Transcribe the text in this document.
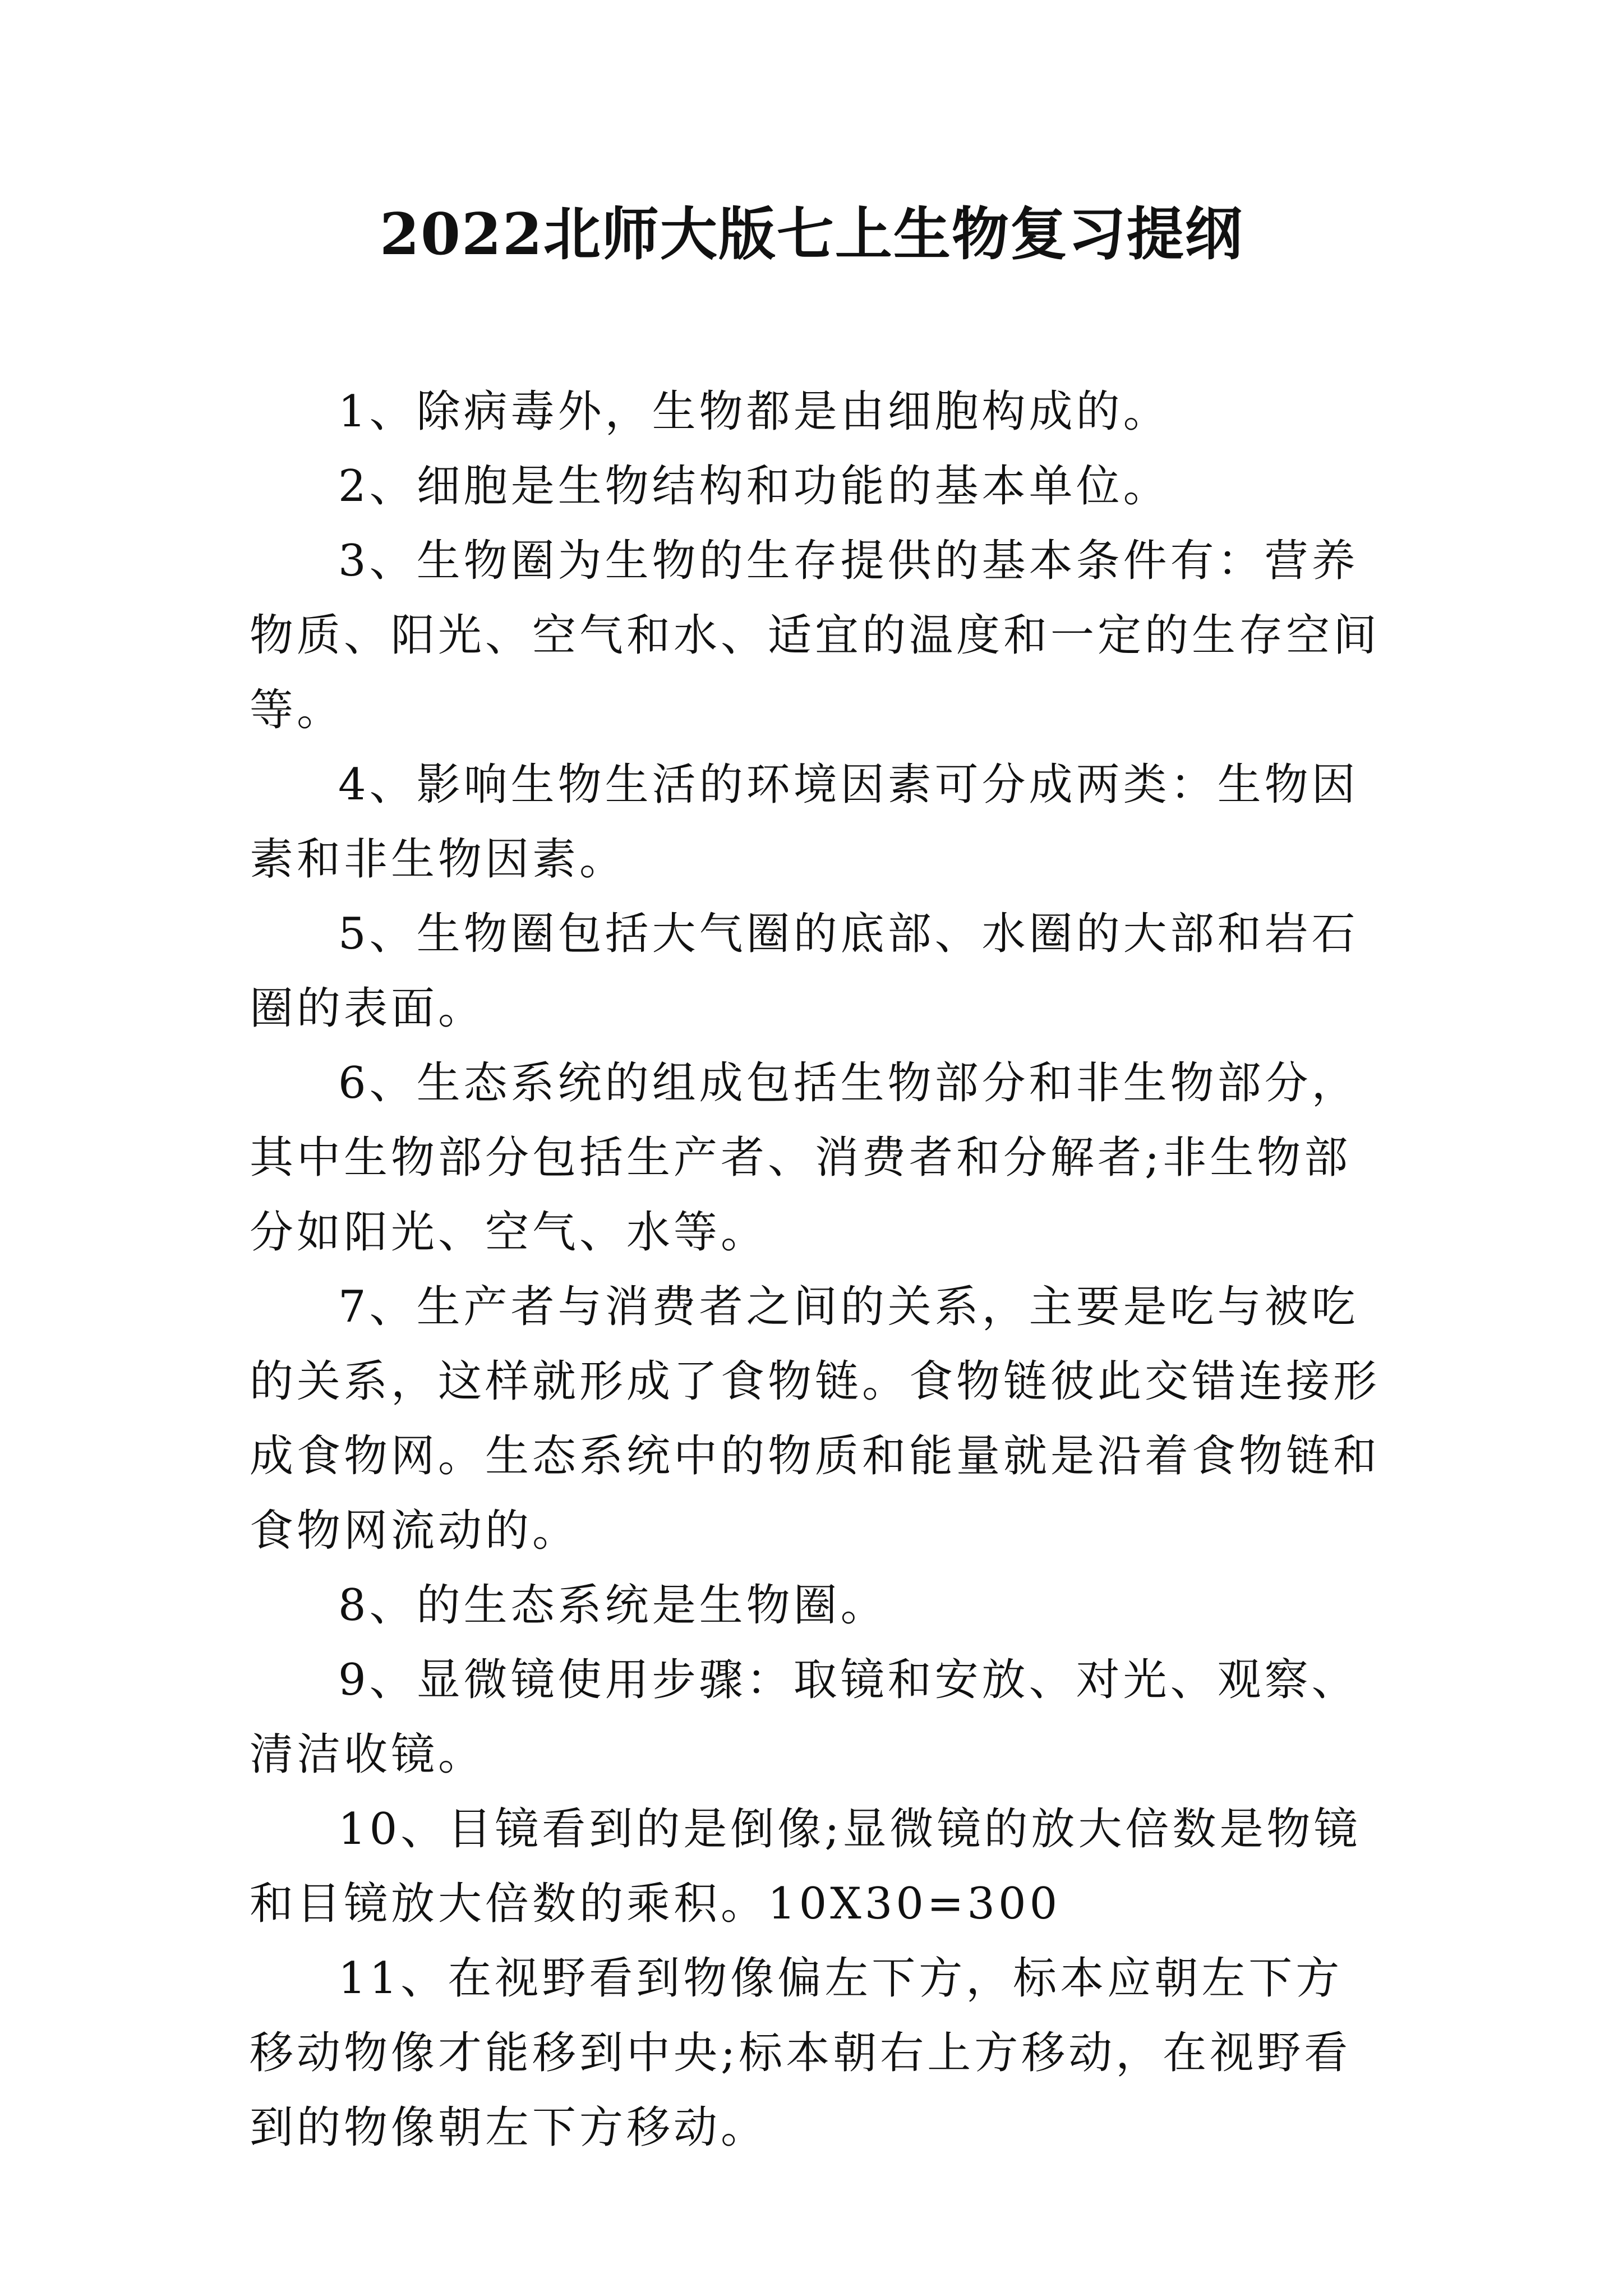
2022北师大版七上生物复习提纲

1、除病毒外，生物都是由细胞构成的。

2、细胞是生物结构和功能的基本单位。

3、生物圈为生物的生存提供的基本条件有：营养物质、阳光、空气和水、适宜的温度和一定的生存空间等。

4、影响生物生活的环境因素可分成两类：生物因素和非生物因素。

5、生物圈包括大气圈的底部、水圈的大部和岩石圈的表面。

6、生态系统的组成包括生物部分和非生物部分，其中生物部分包括生产者、消费者和分解者;非生物部分如阳光、空气、水等。

7、生产者与消费者之间的关系，主要是吃与被吃的关系，这样就形成了食物链。食物链彼此交错连接形成食物网。生态系统中的物质和能量就是沿着食物链和食物网流动的。

8、的生态系统是生物圈。

9、显微镜使用步骤：取镜和安放、对光、观察、清洁收镜。

10、目镜看到的是倒像;显微镜的放大倍数是物镜和目镜放大倍数的乘积。10X30=300

11、在视野看到物像偏左下方，标本应朝左下方移动物像才能移到中央;标本朝右上方移动，在视野看到的物像朝左下方移动。
